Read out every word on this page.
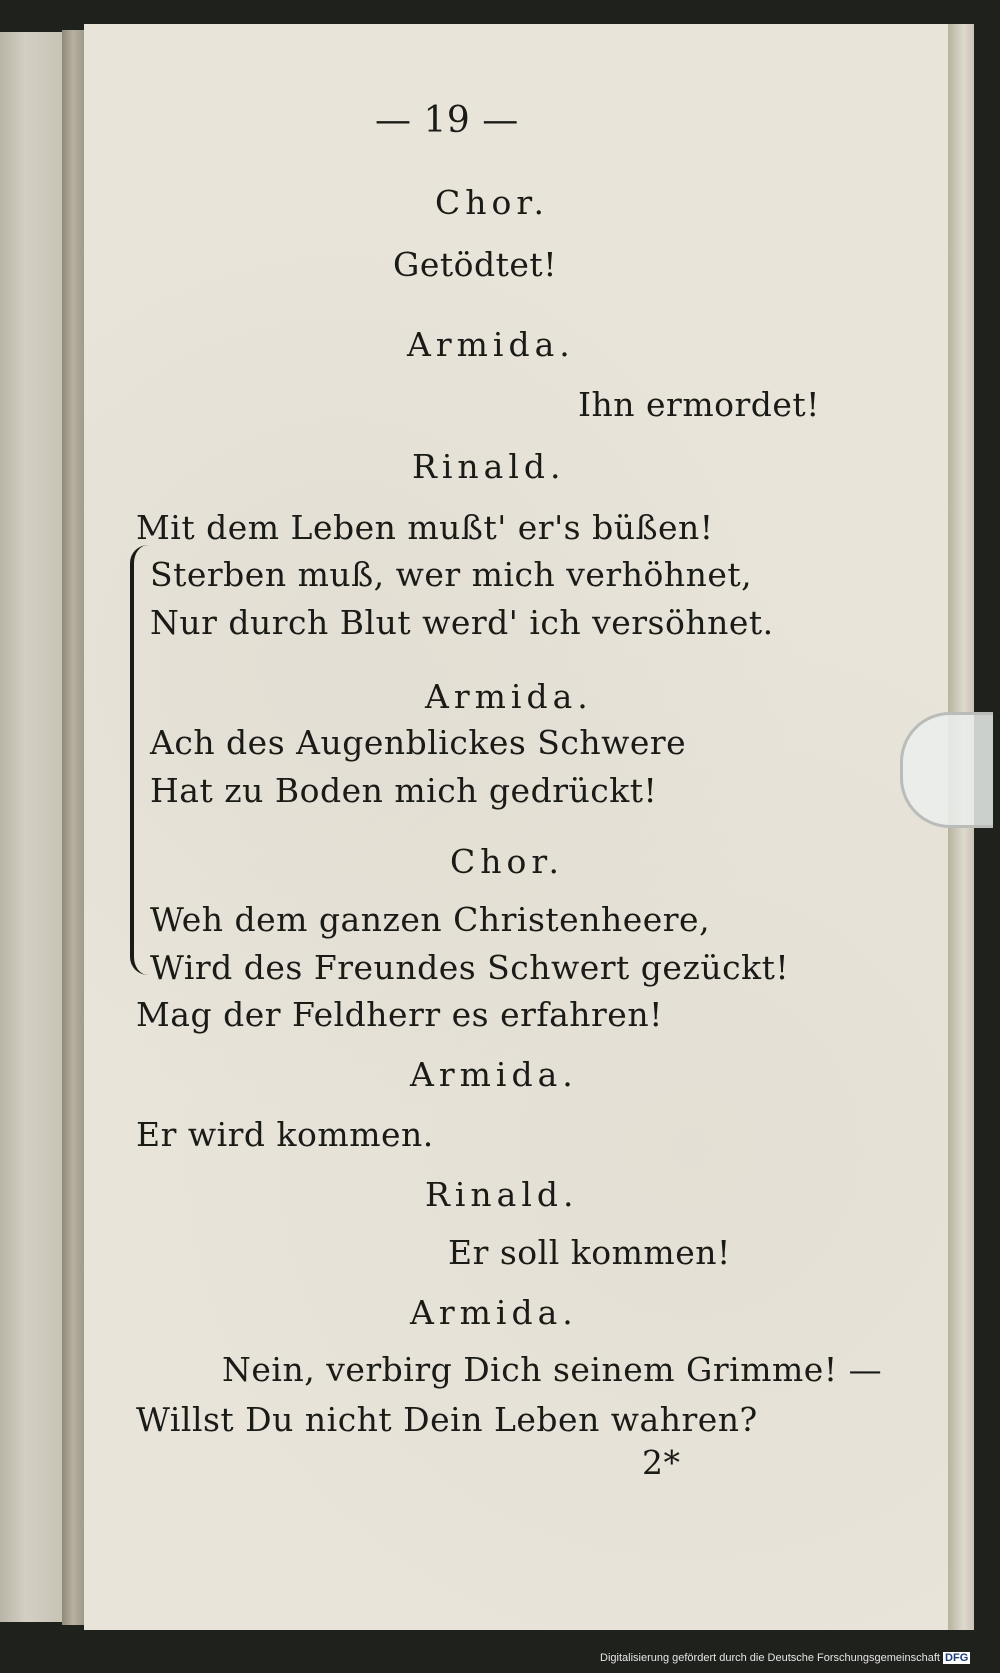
— 19 —
Chor.
Getödtet!
Armida.
Ihn ermordet!
Rinald.
Mit dem Leben mußt' er's büßen!
Sterben muß, wer mich verhöhnet,
Nur durch Blut werd' ich versöhnet.
Armida.
Ach des Augenblickes Schwere
Hat zu Boden mich gedrückt!
Chor.
Weh dem ganzen Christenheere,
Wird des Freundes Schwert gezückt!
Mag der Feldherr es erfahren!
Armida.
Er wird kommen.
Rinald.
Er soll kommen!
Armida.
Nein, verbirg Dich seinem Grimme! —
Willst Du nicht Dein Leben wahren?
2*
Digitalisierung gefördert durch die Deutsche Forschungsgemeinschaft DFG
